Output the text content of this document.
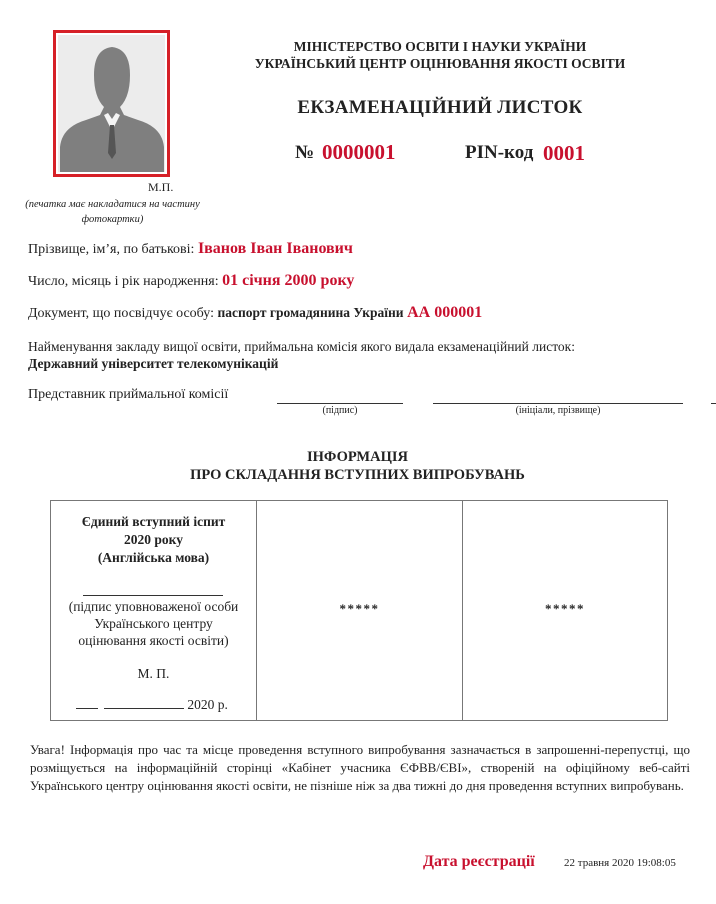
М.П.
(печатка має накладатися на частину фотокартки)
МІНІСТЕРСТВО ОСВІТИ І НАУКИ УКРАЇНИ
УКРАЇНСЬКИЙ ЦЕНТР ОЦІНЮВАННЯ ЯКОСТІ ОСВІТИ
ЕКЗАМЕНАЦІЙНИЙ ЛИСТОК
№ 0000001	PIN-код 0001
Прізвище, ім’я, по батькові: Іванов Іван Іванович
Число, місяць і рік народження: 01 січня 2000 року
Документ, що посвідчує особу: паспорт громадянина України АА 000001
Найменування закладу вищої освіти, приймальна комісія якого видала екзаменаційний листок:
Державний університет телекомунікацій
Представник приймальної комісії
(підпис)	(ініціали, прізвище)
ІНФОРМАЦІЯ
ПРО СКЛАДАННЯ ВСТУПНИХ ВИПРОБУВАНЬ
Єдиний вступний іспит
2020 року
(Англійська мова)
(підпис уповноваженої особи
Українського центру
оцінювання якості освіти)
М. П.
2020 р.
*****	*****
Увага! Інформація про час та місце проведення вступного випробування зазначається в запрошенні-перепустці, що розміщується на інформаційній сторінці «Кабінет учасника ЄФВВ/ЄВІ», створеній на офіційному веб-сайті Українського центру оцінювання якості освіти, не пізніше ніж за два тижні до дня проведення вступних випробувань.
Дата реєстрації	22 травня 2020 19:08:05
